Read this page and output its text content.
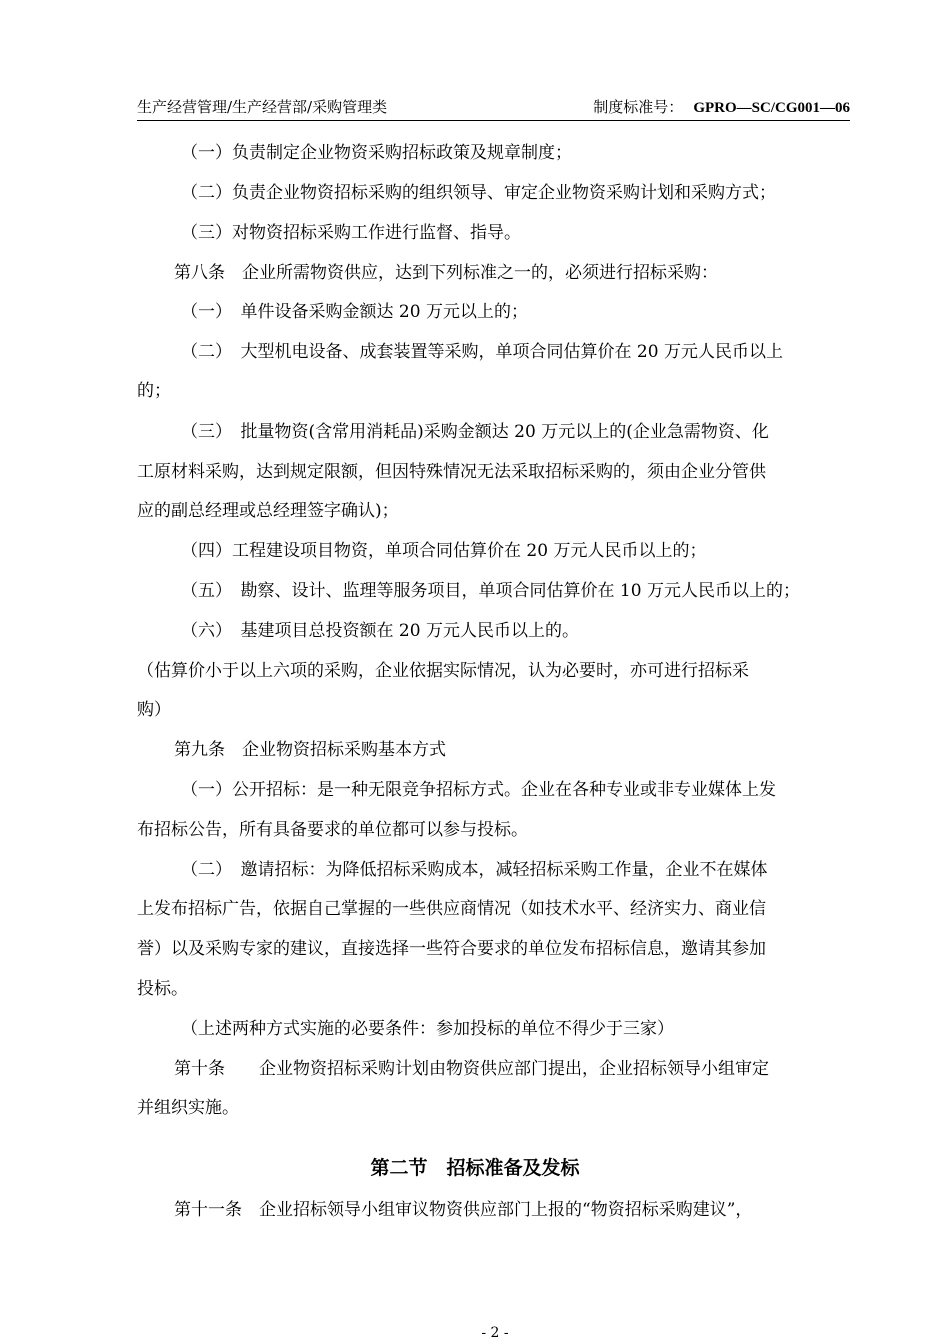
生产经营管理/生产经营部/采购管理类	制度标准号： GPRO—SC/CG001—06
（一）负责制定企业物资采购招标政策及规章制度；
（二）负责企业物资招标采购的组织领导、审定企业物资采购计划和采购方式；
（三）对物资招标采购工作进行监督、指导。
第八条　企业所需物资供应，达到下列标准之一的，必须进行招标采购：
（一）　单件设备采购金额达 20 万元以上的；
（二）　大型机电设备、成套装置等采购，单项合同估算价在 20 万元人民币以上
的；
（三）　批量物资(含常用消耗品)采购金额达 20 万元以上的(企业急需物资、化
工原材料采购，达到规定限额，但因特殊情况无法采取招标采购的，须由企业分管供
应的副总经理或总经理签字确认)；
（四）工程建设项目物资，单项合同估算价在 20 万元人民币以上的；
（五）　勘察、设计、监理等服务项目，单项合同估算价在 10 万元人民币以上的；
（六）　基建项目总投资额在 20 万元人民币以上的。
（估算价小于以上六项的采购，企业依据实际情况，认为必要时，亦可进行招标采
购）
第九条　企业物资招标采购基本方式
（一）公开招标：是一种无限竞争招标方式。企业在各种专业或非专业媒体上发
布招标公告，所有具备要求的单位都可以参与投标。
（二）　邀请招标：为降低招标采购成本，减轻招标采购工作量，企业不在媒体
上发布招标广告，依据自己掌握的一些供应商情况（如技术水平、经济实力、商业信
誉）以及采购专家的建议，直接选择一些符合要求的单位发布招标信息，邀请其参加
投标。
（上述两种方式实施的必要条件：参加投标的单位不得少于三家）
第十条　　企业物资招标采购计划由物资供应部门提出，企业招标领导小组审定
并组织实施。
第十一条　企业招标领导小组审议物资供应部门上报的“物资招标采购建议”，
第二节　招标准备及发标
- 2 -
